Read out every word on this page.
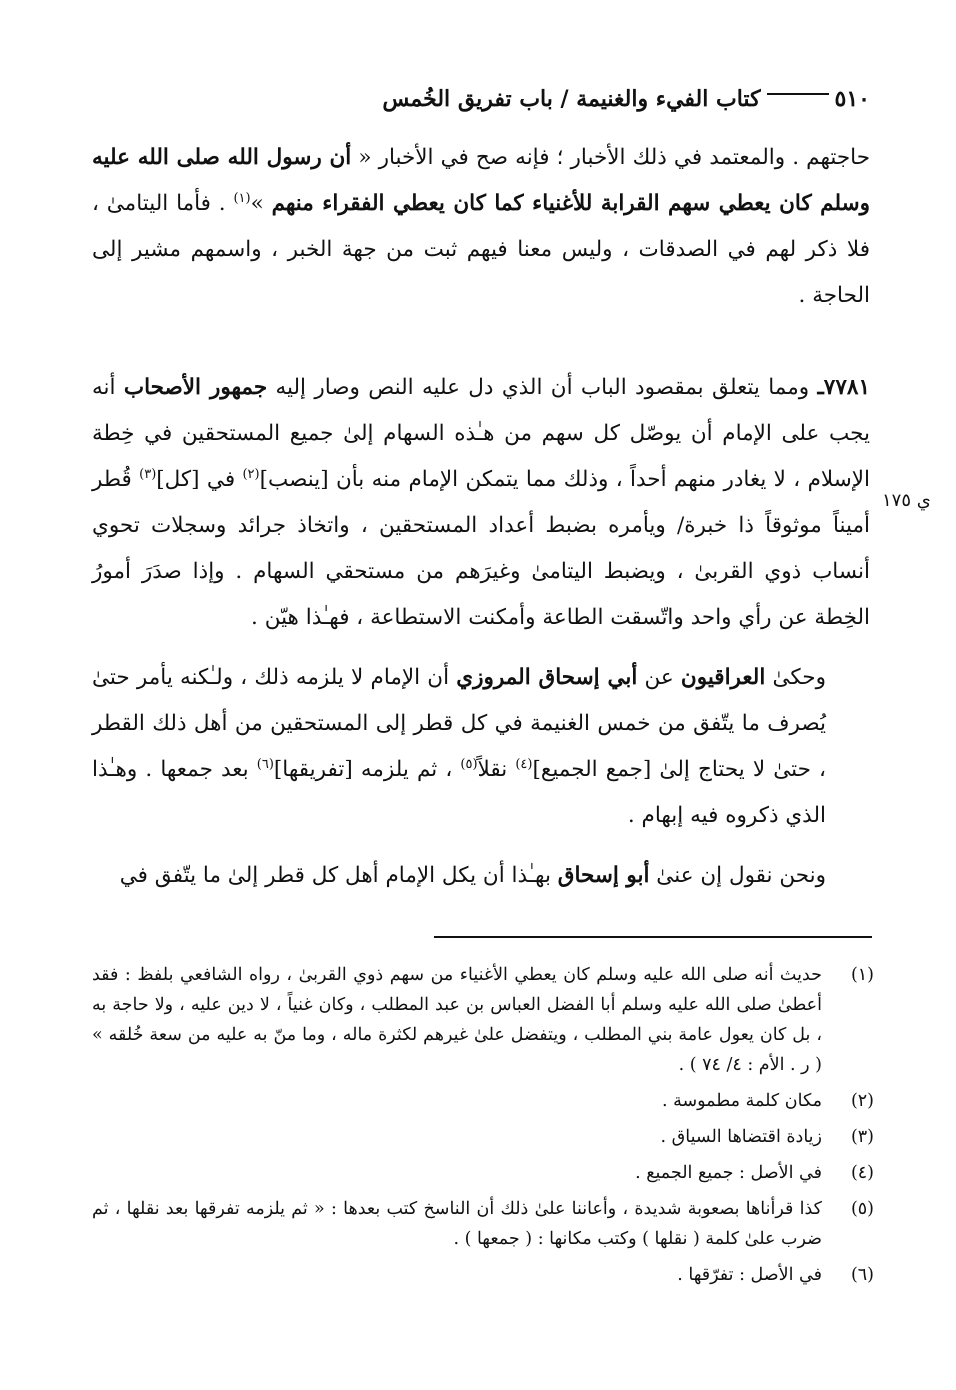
٥١٠كتاب الفيء والغنيمة / باب تفريق الخُمس
ي ١٧٥

حاجتهم . والمعتمد في ذلك الأخبار ؛ فإنه صح في الأخبار « أن رسول الله صلى الله عليه وسلم كان يعطي سهم القرابة للأغنياء كما كان يعطي الفقراء منهم »$^{(١)}$ . فأما اليتامىٰ ، فلا ذكر لهم في الصدقات ، وليس معنا فيهم ثبت من جهة الخبر ، واسمهم مشير إلى الحاجة .

٧٧٨١ـ ومما يتعلق بمقصود الباب أن الذي دل عليه النص وصار إليه جمهور الأصحاب أنه يجب على الإمام أن يوصّل كل سهم من هـٰذه السهام إلىٰ جميع المستحقين في خِطة الإسلام ، لا يغادر منهم أحداً ، وذلك مما يتمكن الإمام منه بأن [ينصب]$^{(٢)}$ في [كل]$^{(٣)}$ قُطر أميناً موثوقاً ذا خبرة/ ويأمره بضبط أعداد المستحقين ، واتخاذ جرائد وسجلات تحوي أنساب ذوي القربىٰ ، ويضبط اليتامىٰ وغيرَهم من مستحقي السهام . وإذا صدَرَ أمورُ الخِطة عن رأي واحد واتّسقت الطاعة وأمكنت الاستطاعة ، فهـٰذا هيّن .

وحكىٰ العراقيون عن أبي إسحاق المروزي أن الإمام لا يلزمه ذلك ، ولـٰكنه يأمر حتىٰ يُصرف ما يتّفق من خمس الغنيمة في كل قطر إلى المستحقين من أهل ذلك القطر ، حتىٰ لا يحتاج إلىٰ [جمع الجميع]$^{(٤)}$ نقلاً$^{(٥)}$ ، ثم يلزمه [تفريقها]$^{(٦)}$ بعد جمعها . وهـٰذا الذي ذكروه فيه إبهام .

ونحن نقول إن عنىٰ أبو إسحاق بهـٰذا أن يكل الإمام أهل كل قطر إلىٰ ما يتّفق في

(١)
حديث أنه صلى الله عليه وسلم كان يعطي الأغنياء من سهم ذوي القربىٰ ، رواه الشافعي بلفظ : فقد أعطىٰ صلى الله عليه وسلم أبا الفضل العباس بن عبد المطلب ، وكان غنياً ، لا دين عليه ، ولا حاجة به ، بل كان يعول عامة بني المطلب ، ويتفضل علىٰ غيرهم لكثرة ماله ، وما منّ به عليه من سعة خُلقه » ( ر . الأم : ٤/ ٧٤ ) .
(٢)
مكان كلمة مطموسة .
(٣)
زيادة اقتضاها السياق .
(٤)
في الأصل : جميع الجميع .
(٥)
كذا قرأناها بصعوبة شديدة ، وأعاننا علىٰ ذلك أن الناسخ كتب بعدها : « ثم يلزمه تفرقها بعد نقلها ، ثم ضرب علىٰ كلمة ( نقلها ) وكتب مكانها : ( جمعها ) .
(٦)
في الأصل : تفرّقها .
